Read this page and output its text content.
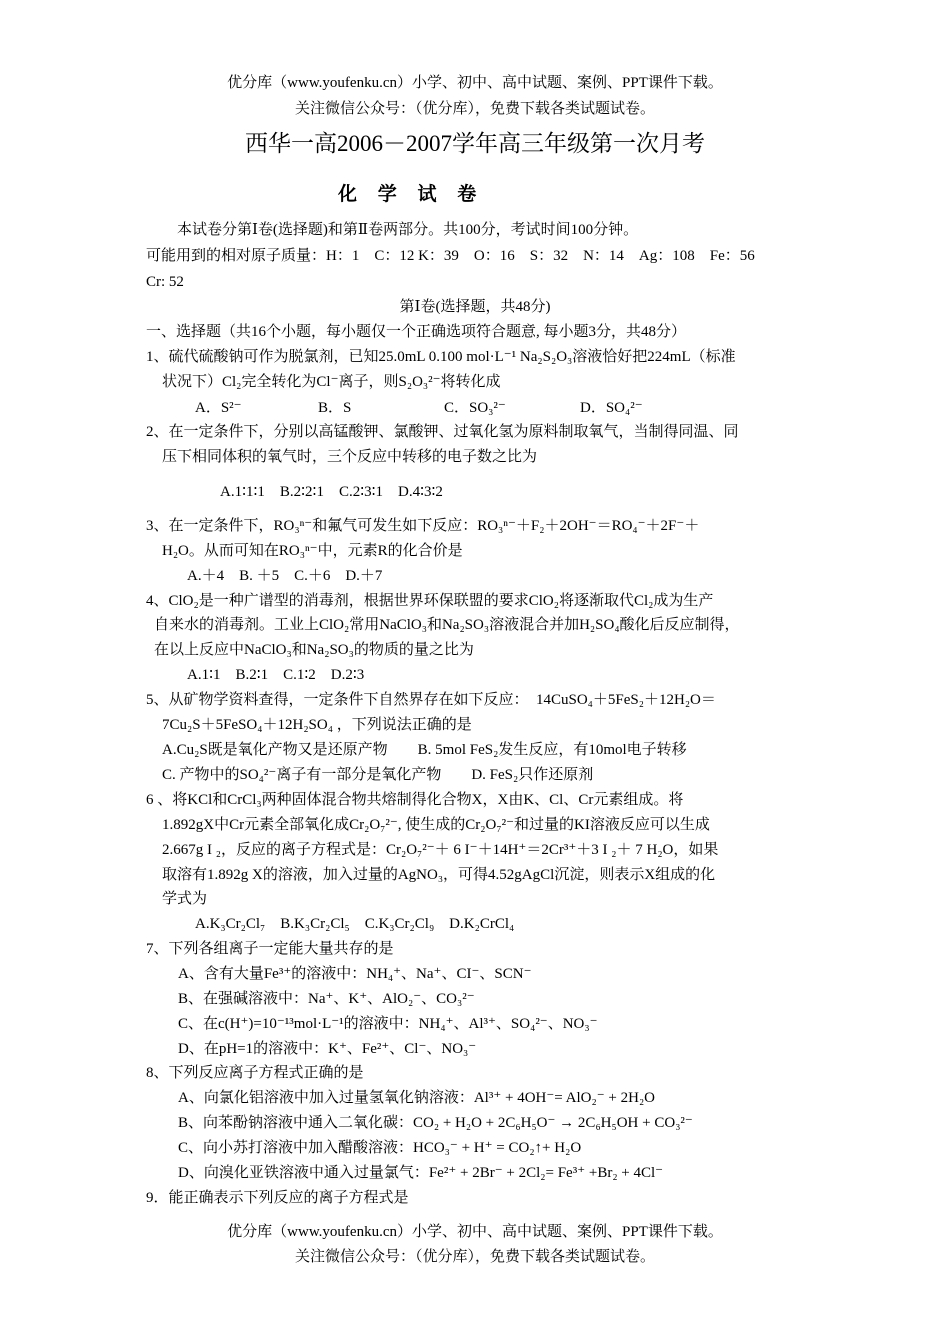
优分库（www.youfenku.cn）小学、初中、高中试题、案例、PPT课件下载。
关注微信公众号：（优分库），免费下载各类试题试卷。
西华一高2006－2007学年高三年级第一次月考
化 学 试 卷
本试卷分第Ⅰ卷(选择题)和第Ⅱ卷两部分。共100分，考试时间100分钟。
可能用到的相对原子质量：H：1　C：12 K：39　O：16　S：32　N：14　Ag：108　Fe：56
Cr: 52
第Ⅰ卷(选择题，共48分)
一、选择题（共16个小题，每小题仅一个正确选项符合题意, 每小题3分，共48分）
1、硫代硫酸钠可作为脱氯剂，已知25.0mL 0.100 mol·L⁻¹ Na₂S₂O₃溶液恰好把224mL（标准
状况下）Cl₂完全转化为Cl⁻离子，则S₂O₃²⁻将转化成
A．S²⁻	B．S	C．SO₃²⁻	D．SO₄²⁻
2、在一定条件下，分别以高锰酸钾、氯酸钾、过氧化氢为原料制取氧气，当制得同温、同
压下相同体积的氧气时，三个反应中转移的电子数之比为
A.1∶1∶1　B.2∶2∶1　C.2∶3∶1　D.4∶3∶2
3、在一定条件下，RO₃ⁿ⁻和氟气可发生如下反应：RO₃ⁿ⁻＋F₂＋2OH⁻＝RO₄⁻＋2F⁻＋
H₂O。从而可知在RO₃ⁿ⁻中，元素R的化合价是
A.＋4　B. ＋5　C.＋6　D.＋7
4、ClO₂是一种广谱型的消毒剂，根据世界环保联盟的要求ClO₂将逐渐取代Cl₂成为生产
自来水的消毒剂。工业上ClO₂常用NaClO₃和Na₂SO₃溶液混合并加H₂SO₄酸化后反应制得，
在以上反应中NaClO₃和Na₂SO₃的物质的量之比为
A.1∶1　B.2∶1　C.1∶2　D.2∶3
5、从矿物学资料查得，一定条件下自然界存在如下反应：　14CuSO₄＋5FeS₂＋12H₂O＝
7Cu₂S＋5FeSO₄＋12H₂SO₄ ，下列说法正确的是
A.Cu₂S既是氧化产物又是还原产物　　B. 5mol FeS₂发生反应，有10mol电子转移
C. 产物中的SO₄²⁻离子有一部分是氧化产物　　D. FeS₂只作还原剂
6 、将KCl和CrCl₃两种固体混合物共熔制得化合物X，X由K、Cl、Cr元素组成。将
1.892gX中Cr元素全部氧化成Cr₂O₇²⁻, 使生成的Cr₂O₇²⁻和过量的KI溶液反应可以生成
2.667g I ₂，反应的离子方程式是：Cr₂O₇²⁻＋ 6 I⁻＋14H⁺＝2Cr³⁺＋3 I ₂＋ 7 H₂O，如果
取溶有1.892g X的溶液，加入过量的AgNO₃，可得4.52gAgCl沉淀，则表示X组成的化
学式为
A.K₃Cr₂Cl₇　B.K₃Cr₂Cl₅　C.K₃Cr₂Cl₉　D.K₂CrCl₄
7、下列各组离子一定能大量共存的是
A、含有大量Fe³⁺的溶液中：NH₄⁺、Na⁺、CI⁻、SCN⁻
B、在强碱溶液中：Na⁺、K⁺、AlO₂⁻、CO₃²⁻
C、在c(H⁺)=10⁻¹³mol·L⁻¹的溶液中：NH₄⁺、Al³⁺、SO₄²⁻、NO₃⁻
D、在pH=1的溶液中：K⁺、Fe²⁺、Cl⁻、NO₃⁻
8、下列反应离子方程式正确的是
A、向氯化铝溶液中加入过量氢氧化钠溶液：Al³⁺ + 4OH⁻= AlO₂⁻ + 2H₂O
B、向苯酚钠溶液中通入二氧化碳：CO₂ + H₂O + 2C₆H₅O⁻ → 2C₆H₅OH + CO₃²⁻
C、向小苏打溶液中加入醋酸溶液：HCO₃⁻ + H⁺ = CO₂↑+ H₂O
D、向溴化亚铁溶液中通入过量氯气：Fe²⁺ + 2Br⁻ + 2Cl₂= Fe³⁺ +Br₂ + 4Cl⁻
9．能正确表示下列反应的离子方程式是
优分库（www.youfenku.cn）小学、初中、高中试题、案例、PPT课件下载。
关注微信公众号：（优分库），免费下载各类试题试卷。
